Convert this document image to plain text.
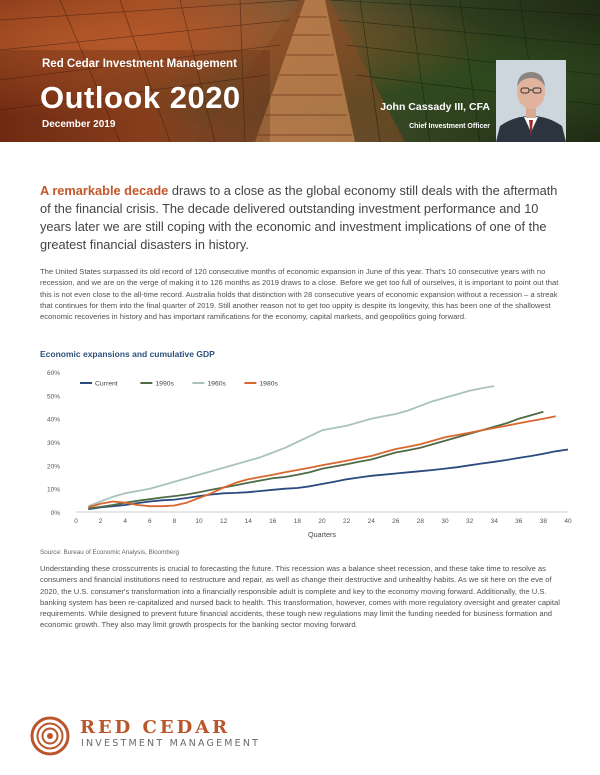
Red Cedar Investment Management
Outlook 2020
December 2019
John Cassady III, CFA
Chief Investment Officer
A remarkable decade draws to a close as the global economy still deals with the aftermath of the financial crisis. The decade delivered outstanding investment performance and 10 years later we are still coping with the economic and investment implications of one of the greatest financial disasters in history.
The United States surpassed its old record of 120 consecutive months of economic expansion in June of this year. That's 10 consecutive years with no recession, and we are on the verge of making it to 126 months as 2019 draws to a close. Before we get too full of ourselves, it is important to point out that this is not even close to the all-time record. Australia holds that distinction with 28 consecutive years of economic expansion without a recession – a streak that continues for them into the final quarter of 2019. Still another reason not to get too uppity is despite its longevity, this has been one of the shallowest economic recoveries in history and has important ramifications for the economy, capital markets, and geopolitics going forward.
Economic expansions and cumulative GDP
0%
10%
20%
30%
40%
50%
60%
0	2	4	6	8	10	12	14	16	18	20	22	24	26	28	30	32	34	36	38	40
Quarters
Current	1990s	1960s	1980s
Source: Bureau of Economic Analysis, Bloomberg
Understanding these crosscurrents is crucial to forecasting the future. This recession was a balance sheet recession, and these take time to resolve as consumers and financial institutions need to restructure and repair, as well as change their destructive and unhealthy habits. As we sit here on the eve of 2020, the U.S. consumer's transformation into a financially responsible adult is complete and key to the economy moving forward. Additionally, the U.S. banking system has been re-capitalized and nursed back to health. This transformation, however, comes with more regulatory oversight and greater capital requirements. While designed to prevent future financial accidents, these tough new regulations may limit the funding needed for business formation and economic growth. They also may limit growth prospects for the banking sector moving forward.
RED CEDAR
INVESTMENT MANAGEMENT
